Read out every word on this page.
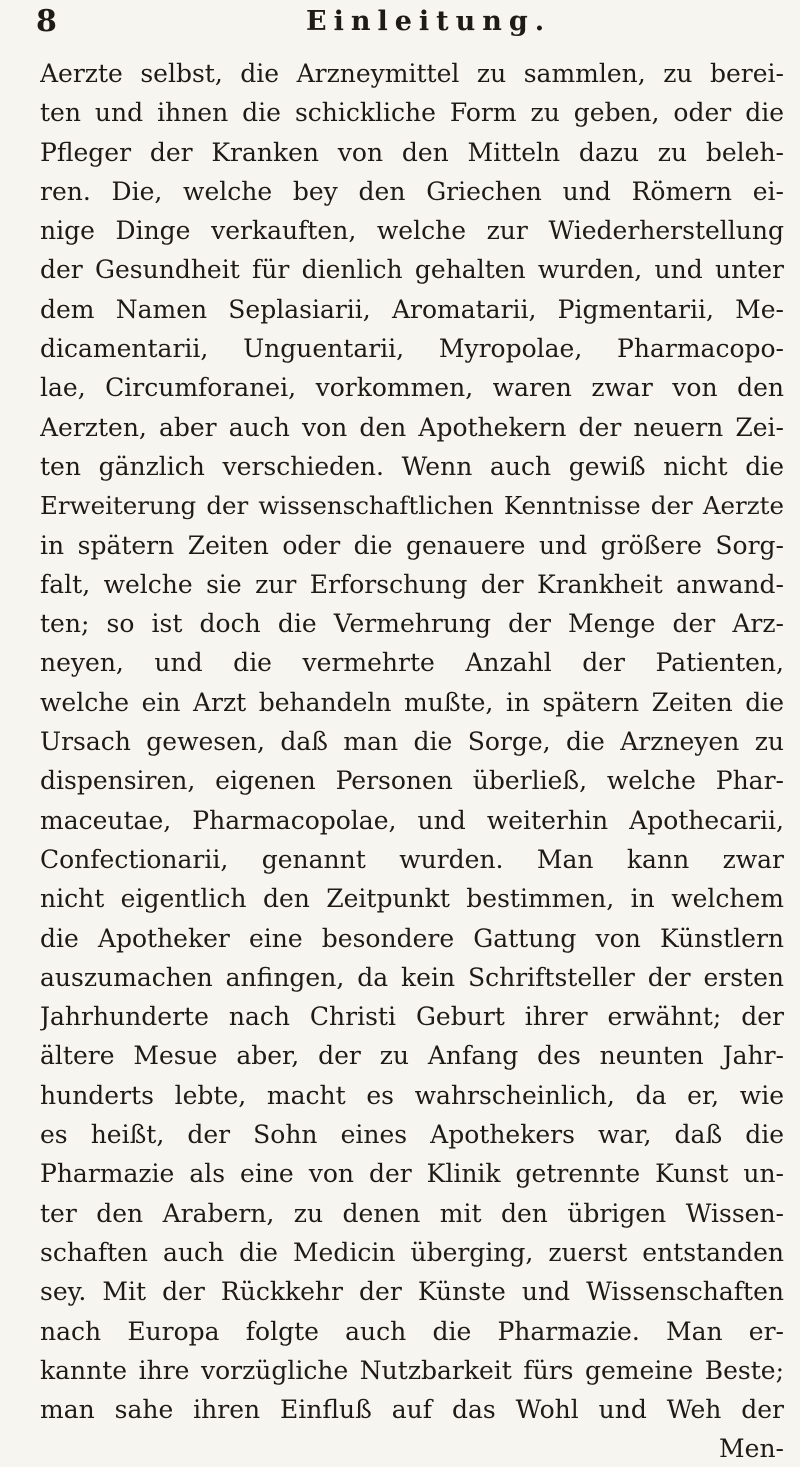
8	Einleitung.
Aerzte selbst, die Arzneymittel zu sammlen, zu berei-
ten und ihnen die schickliche Form zu geben, oder die
Pfleger der Kranken von den Mitteln dazu zu beleh-
ren. Die, welche bey den Griechen und Römern ei-
nige Dinge verkauften, welche zur Wiederherstellung
der Gesundheit für dienlich gehalten wurden, und unter
dem Namen Seplasiarii, Aromatarii, Pigmentarii, Me-
dicamentarii, Unguentarii, Myropolae, Pharmacopo-
lae, Circumforanei, vorkommen, waren zwar von den
Aerzten, aber auch von den Apothekern der neuern Zei-
ten gänzlich verschieden. Wenn auch gewiß nicht die
Erweiterung der wissenschaftlichen Kenntnisse der Aerzte
in spätern Zeiten oder die genauere und größere Sorg-
falt, welche sie zur Erforschung der Krankheit anwand-
ten; so ist doch die Vermehrung der Menge der Arz-
neyen, und die vermehrte Anzahl der Patienten,
welche ein Arzt behandeln mußte, in spätern Zeiten die
Ursach gewesen, daß man die Sorge, die Arzneyen zu
dispensiren, eigenen Personen überließ, welche Phar-
maceutae, Pharmacopolae, und weiterhin Apothecarii,
Confectionarii, genannt wurden. Man kann zwar
nicht eigentlich den Zeitpunkt bestimmen, in welchem
die Apotheker eine besondere Gattung von Künstlern
auszumachen anfingen, da kein Schriftsteller der ersten
Jahrhunderte nach Christi Geburt ihrer erwähnt; der
ältere Mesue aber, der zu Anfang des neunten Jahr-
hunderts lebte, macht es wahrscheinlich, da er, wie
es heißt, der Sohn eines Apothekers war, daß die
Pharmazie als eine von der Klinik getrennte Kunst un-
ter den Arabern, zu denen mit den übrigen Wissen-
schaften auch die Medicin überging, zuerst entstanden
sey. Mit der Rückkehr der Künste und Wissenschaften
nach Europa folgte auch die Pharmazie. Man er-
kannte ihre vorzügliche Nutzbarkeit fürs gemeine Beste;
man sahe ihren Einfluß auf das Wohl und Weh der
Men-
